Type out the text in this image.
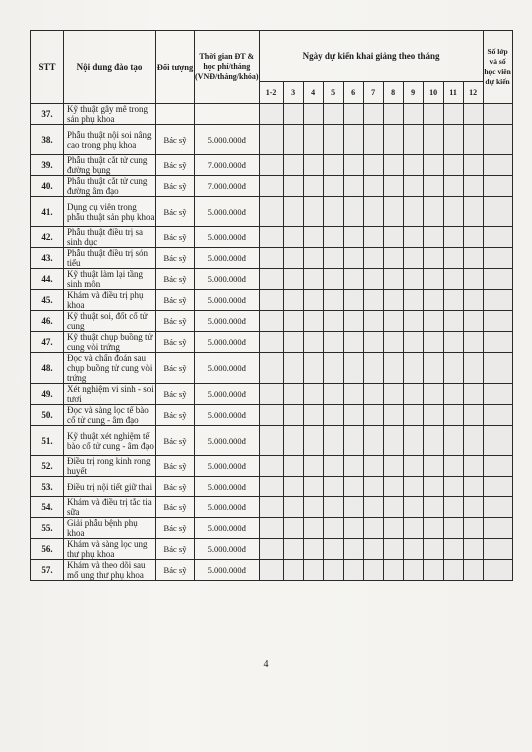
STT	Nội dung đào tạo	Đối tượng	Thời gian ĐT & học phí/tháng (VNĐ/tháng/khóa)	Ngày dự kiến khai giảng theo tháng											Số lớp và số học viên dự kiến
				1-2	3	4	5	6	7	8	9	10	11	12	
37.	Kỹ thuật gây mê trong sản phụ khoa														
38.	Phẫu thuật nội soi nâng cao trong phụ khoa	Bác sỹ	5.000.000đ												
39.	Phẫu thuật cắt tử cung đường bụng	Bác sỹ	7.000.000đ												
40.	Phẫu thuật cắt tử cung đường âm đạo	Bác sỹ	7.000.000đ												
41.	Dụng cụ viên trong phẫu thuật sản phụ khoa	Bác sỹ	5.000.000đ												
42.	Phẫu thuật điều trị sa sinh dục	Bác sỹ	5.000.000đ												
43.	Phẫu thuật điều trị són tiểu	Bác sỹ	5.000.000đ												
44.	Kỹ thuật làm lại tầng sinh môn	Bác sỹ	5.000.000đ												
45.	Khám và điều trị phụ khoa	Bác sỹ	5.000.000đ												
46.	Kỹ thuật soi, đốt cổ tử cung	Bác sỹ	5.000.000đ												
47.	Kỹ thuật chụp buồng tử cung vòi trứng	Bác sỹ	5.000.000đ												
48.	Đọc và chẩn đoán sau chụp buồng tử cung vòi trứng	Bác sỹ	5.000.000đ												
49.	Xét nghiệm vi sinh - soi tươi	Bác sỹ	5.000.000đ												
50.	Đọc và sàng lọc tế bào cổ tử cung - âm đạo	Bác sỹ	5.000.000đ												
51.	Kỹ thuật xét nghiệm tế bào cổ tử cung - âm đạo	Bác sỹ	5.000.000đ												
52.	Điều trị rong kinh rong huyết	Bác sỹ	5.000.000đ												
53.	Điều trị nội tiết giữ thai	Bác sỹ	5.000.000đ												
54.	Khám và điều trị tắc tia sữa	Bác sỹ	5.000.000đ												
55.	Giải phẫu bệnh phụ khoa	Bác sỹ	5.000.000đ												
56.	Khám và sàng lọc ung thư phụ khoa	Bác sỹ	5.000.000đ												
57.	Khám và theo dõi sau mổ ung thư phụ khoa	Bác sỹ	5.000.000đ												
4
